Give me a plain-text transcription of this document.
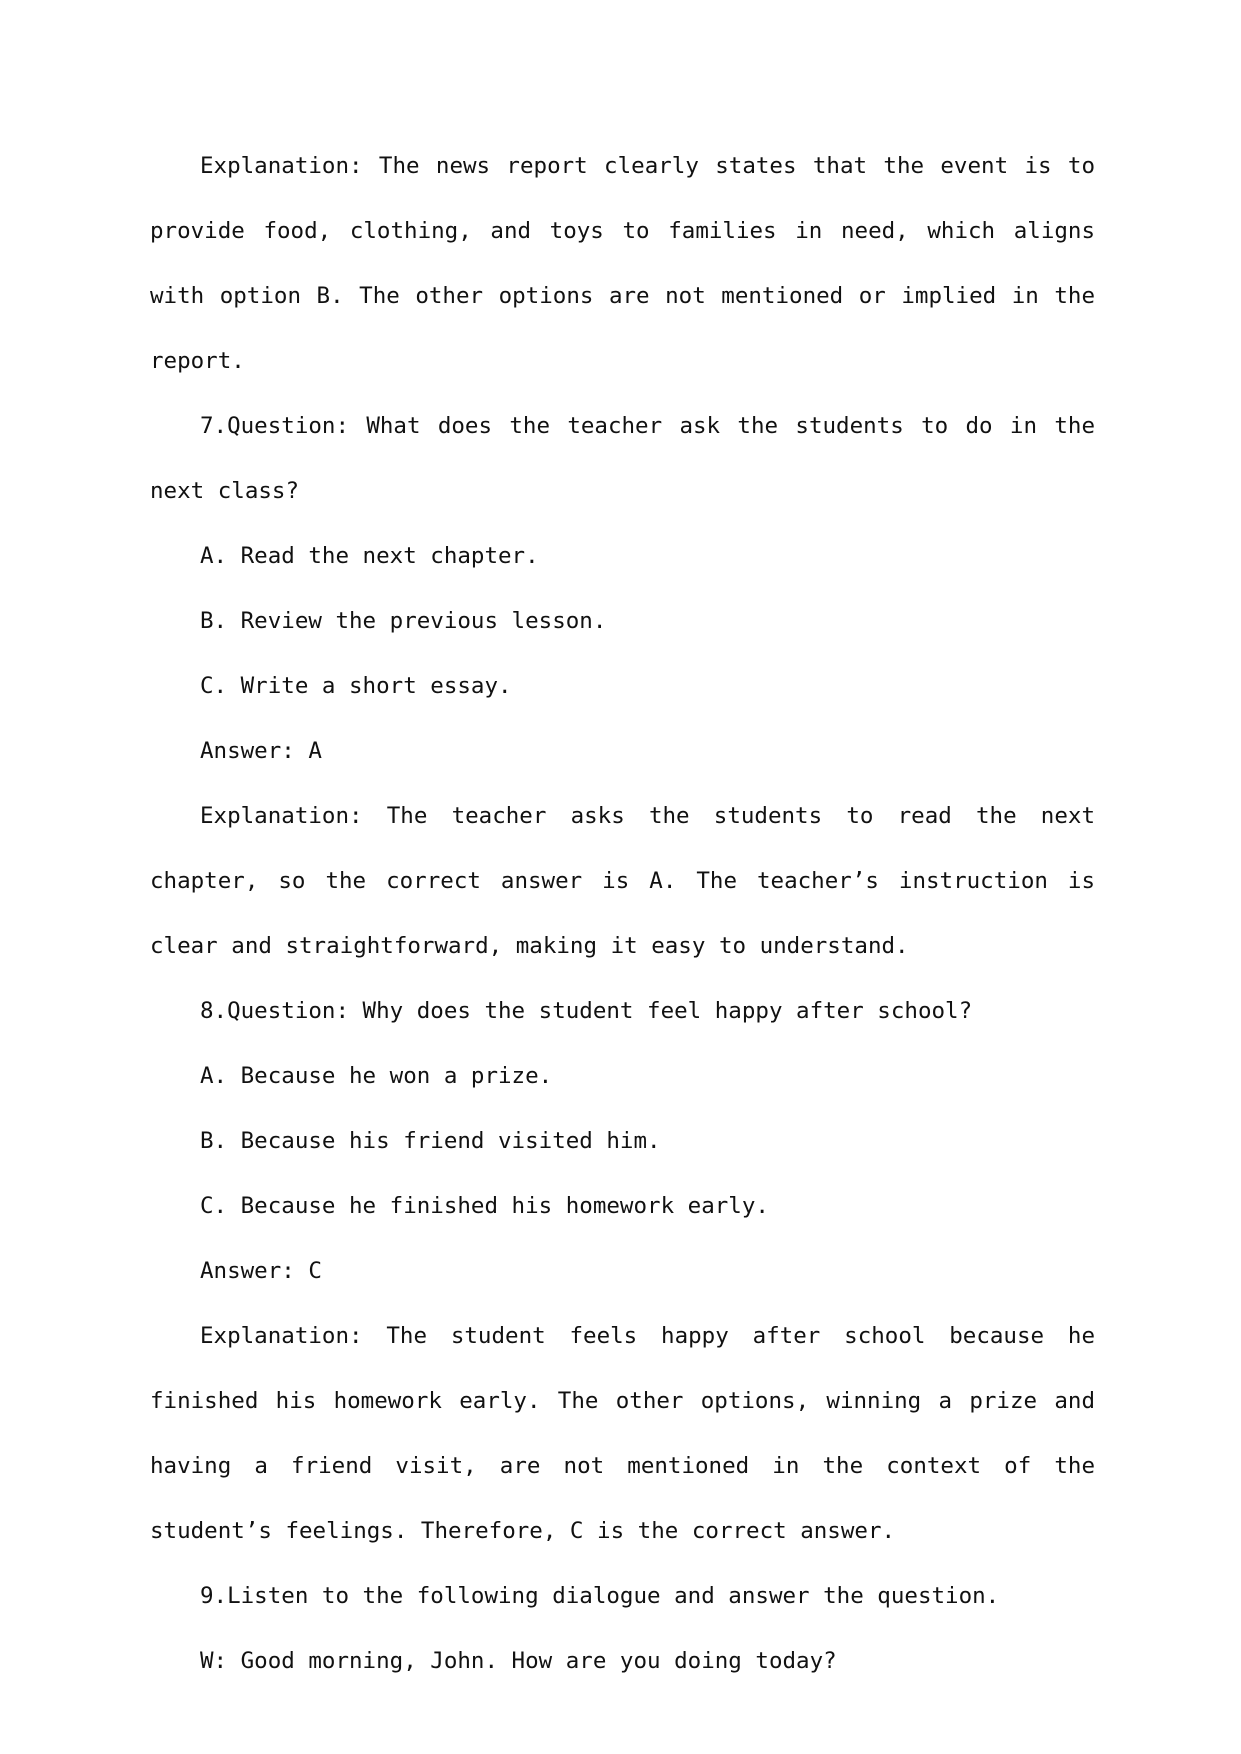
Explanation: The news report clearly states that the event is to provide food, clothing, and toys to families in need, which aligns with option B. The other options are not mentioned or implied in the report.

7.Question: What does the teacher ask the students to do in the next class?

A. Read the next chapter.

B. Review the previous lesson.

C. Write a short essay.

Answer: A

Explanation: The teacher asks the students to read the next chapter, so the correct answer is A. The teacher’s instruction is clear and straightforward, making it easy to understand.

8.Question: Why does the student feel happy after school?

A. Because he won a prize.

B. Because his friend visited him.

C. Because he finished his homework early.

Answer: C

Explanation: The student feels happy after school because he finished his homework early. The other options, winning a prize and having a friend visit, are not mentioned in the context of the student’s feelings. Therefore, C is the correct answer.

9.Listen to the following dialogue and answer the question.

W: Good morning, John. How are you doing today?
